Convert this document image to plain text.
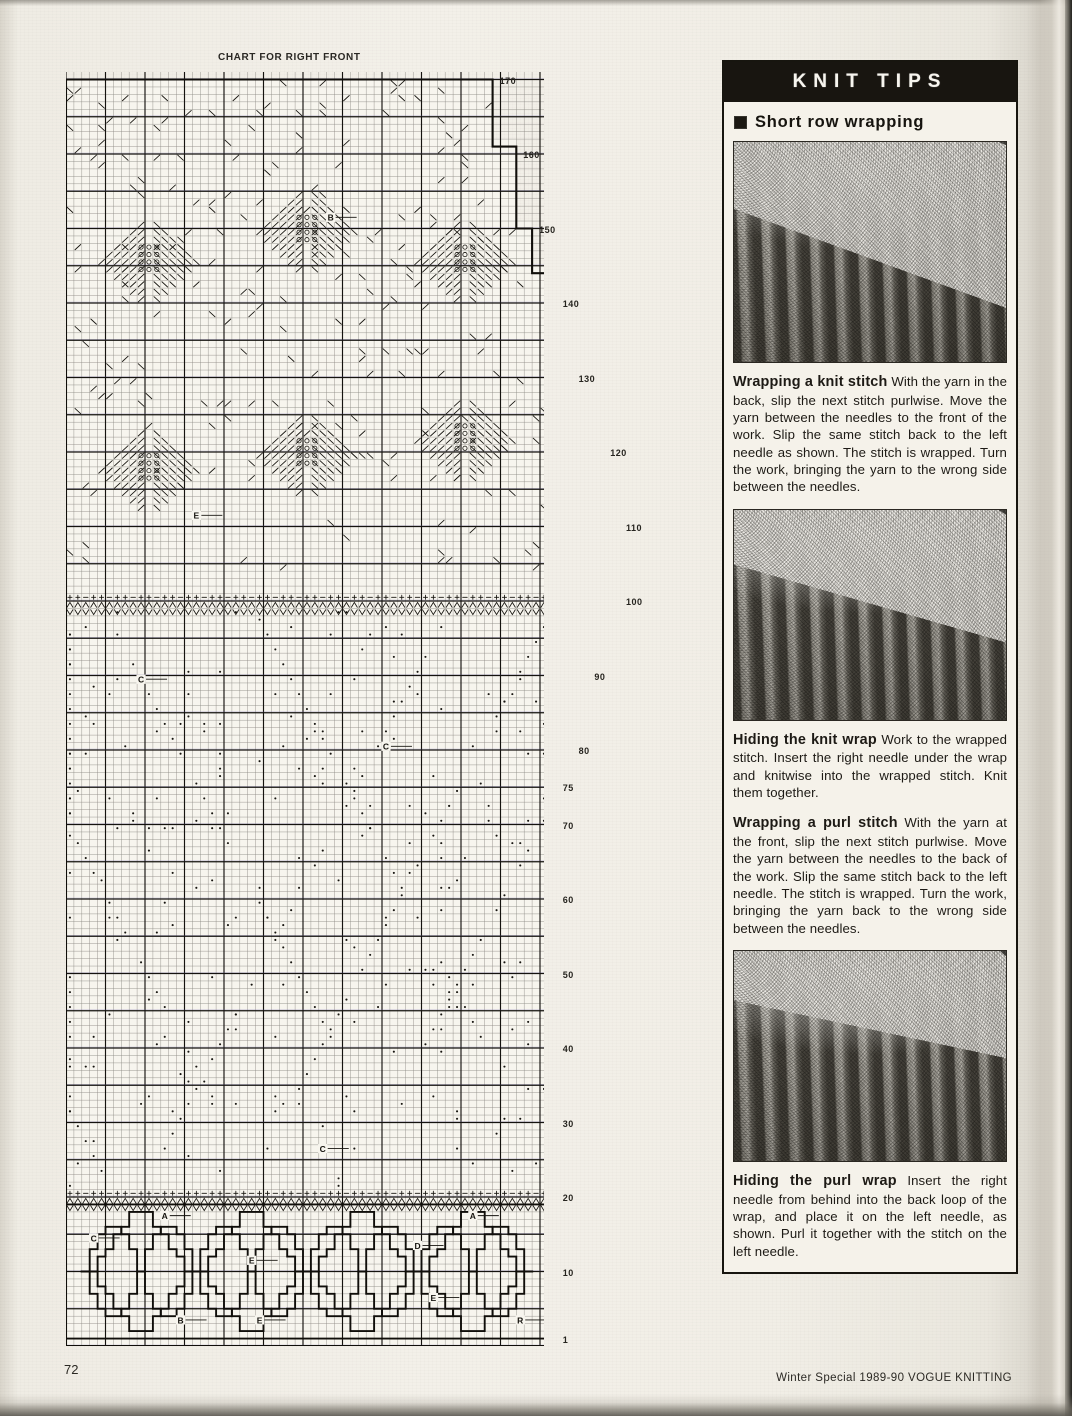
CHART FOR RIGHT FRONT
B
E
C
C
C
A	A
C
D
E
E
B	E	R
170
160
150
140
130
120
110
100
90
80
75
70
60
50
40
30
20
10
1
KNIT TIPS
Short row wrapping

Wrapping a knit stitch With the yarn in the back, slip the next stitch purlwise. Move the yarn between the needles to the front of the work. Slip the same stitch back to the left needle as shown. The stitch is wrapped. Turn the work, bringing the yarn to the wrong side between the needles.

Hiding the knit wrap Work to the wrapped stitch. Insert the right needle under the wrap and knitwise into the wrapped stitch. Knit them together.

Wrapping a purl stitch With the yarn at the front, slip the next stitch purlwise. Move the yarn between the needles to the back of the work. Slip the same stitch back to the left needle. The stitch is wrapped. Turn the work, bringing the yarn back to the wrong side between the needles.

Hiding the purl wrap Insert the right needle from behind into the back loop of the wrap, and place it on the left needle, as shown. Purl it together with the stitch on the left needle.

72
Winter Special 1989-90 VOGUE KNITTING
